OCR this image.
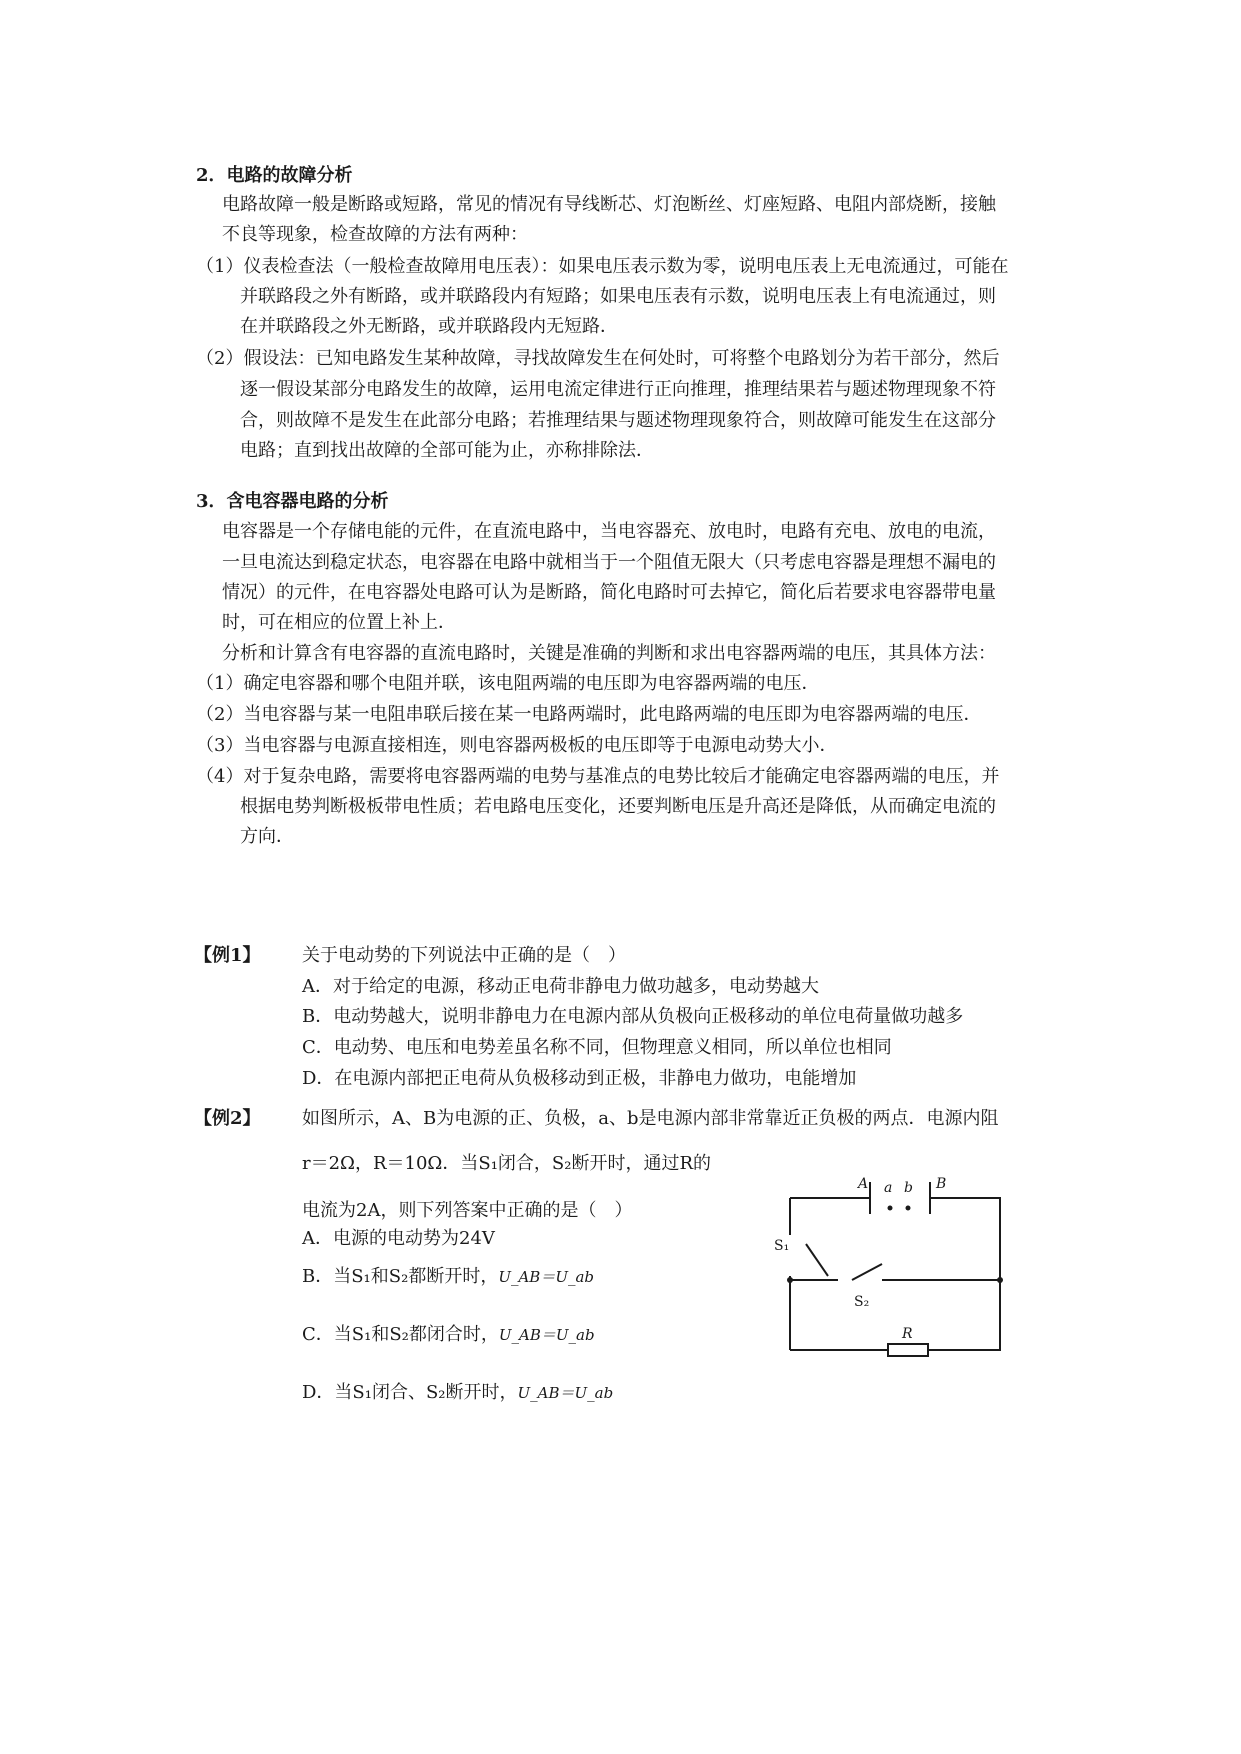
2．电路的故障分析
电路故障一般是断路或短路，常见的情况有导线断芯、灯泡断丝、灯座短路、电阻内部烧断，接触
不良等现象，检查故障的方法有两种：
（1）仪表检查法（一般检查故障用电压表）：如果电压表示数为零，说明电压表上无电流通过，可能在
并联路段之外有断路，或并联路段内有短路；如果电压表有示数，说明电压表上有电流通过，则
在并联路段之外无断路，或并联路段内无短路．
（2）假设法：已知电路发生某种故障，寻找故障发生在何处时，可将整个电路划分为若干部分，然后
逐一假设某部分电路发生的故障，运用电流定律进行正向推理，推理结果若与题述物理现象不符
合，则故障不是发生在此部分电路；若推理结果与题述物理现象符合，则故障可能发生在这部分
电路；直到找出故障的全部可能为止，亦称排除法．
3．含电容器电路的分析
电容器是一个存储电能的元件，在直流电路中，当电容器充、放电时，电路有充电、放电的电流，
一旦电流达到稳定状态，电容器在电路中就相当于一个阻值无限大（只考虑电容器是理想不漏电的
情况）的元件，在电容器处电路可认为是断路，简化电路时可去掉它，简化后若要求电容器带电量
时，可在相应的位置上补上．
分析和计算含有电容器的直流电路时，关键是准确的判断和求出电容器两端的电压，其具体方法：
（1）确定电容器和哪个电阻并联，该电阻两端的电压即为电容器两端的电压．
（2）当电容器与某一电阻串联后接在某一电路两端时，此电路两端的电压即为电容器两端的电压．
（3）当电容器与电源直接相连，则电容器两极板的电压即等于电源电动势大小．
（4）对于复杂电路，需要将电容器两端的电势与基准点的电势比较后才能确定电容器两端的电压，并
根据电势判断极板带电性质；若电路电压变化，还要判断电压是升高还是降低，从而确定电流的
方向．
【例1】 关于电动势的下列说法中正确的是（　）
A．对于给定的电源，移动正电荷非静电力做功越多，电动势越大
B．电动势越大，说明非静电力在电源内部从负极向正极移动的单位电荷量做功越多
C．电动势、电压和电势差虽名称不同，但物理意义相同，所以单位也相同
D．在电源内部把正电荷从负极移动到正极，非静电力做功，电能增加
【例2】 如图所示，A、B为电源的正、负极，a、b是电源内部非常靠近正负极的两点．电源内阻
r＝2Ω，R＝10Ω．当S₁闭合，S₂断开时，通过R的
电流为2A，则下列答案中正确的是（　）
A．电源的电动势为24V
B．当S₁和S₂都断开时，U_AB＝U_ab
C．当S₁和S₂都闭合时，U_AB＝U_ab
D．当S₁闭合、S₂断开时，U_AB＝U_ab
A a b B
S₁
S₂
R
